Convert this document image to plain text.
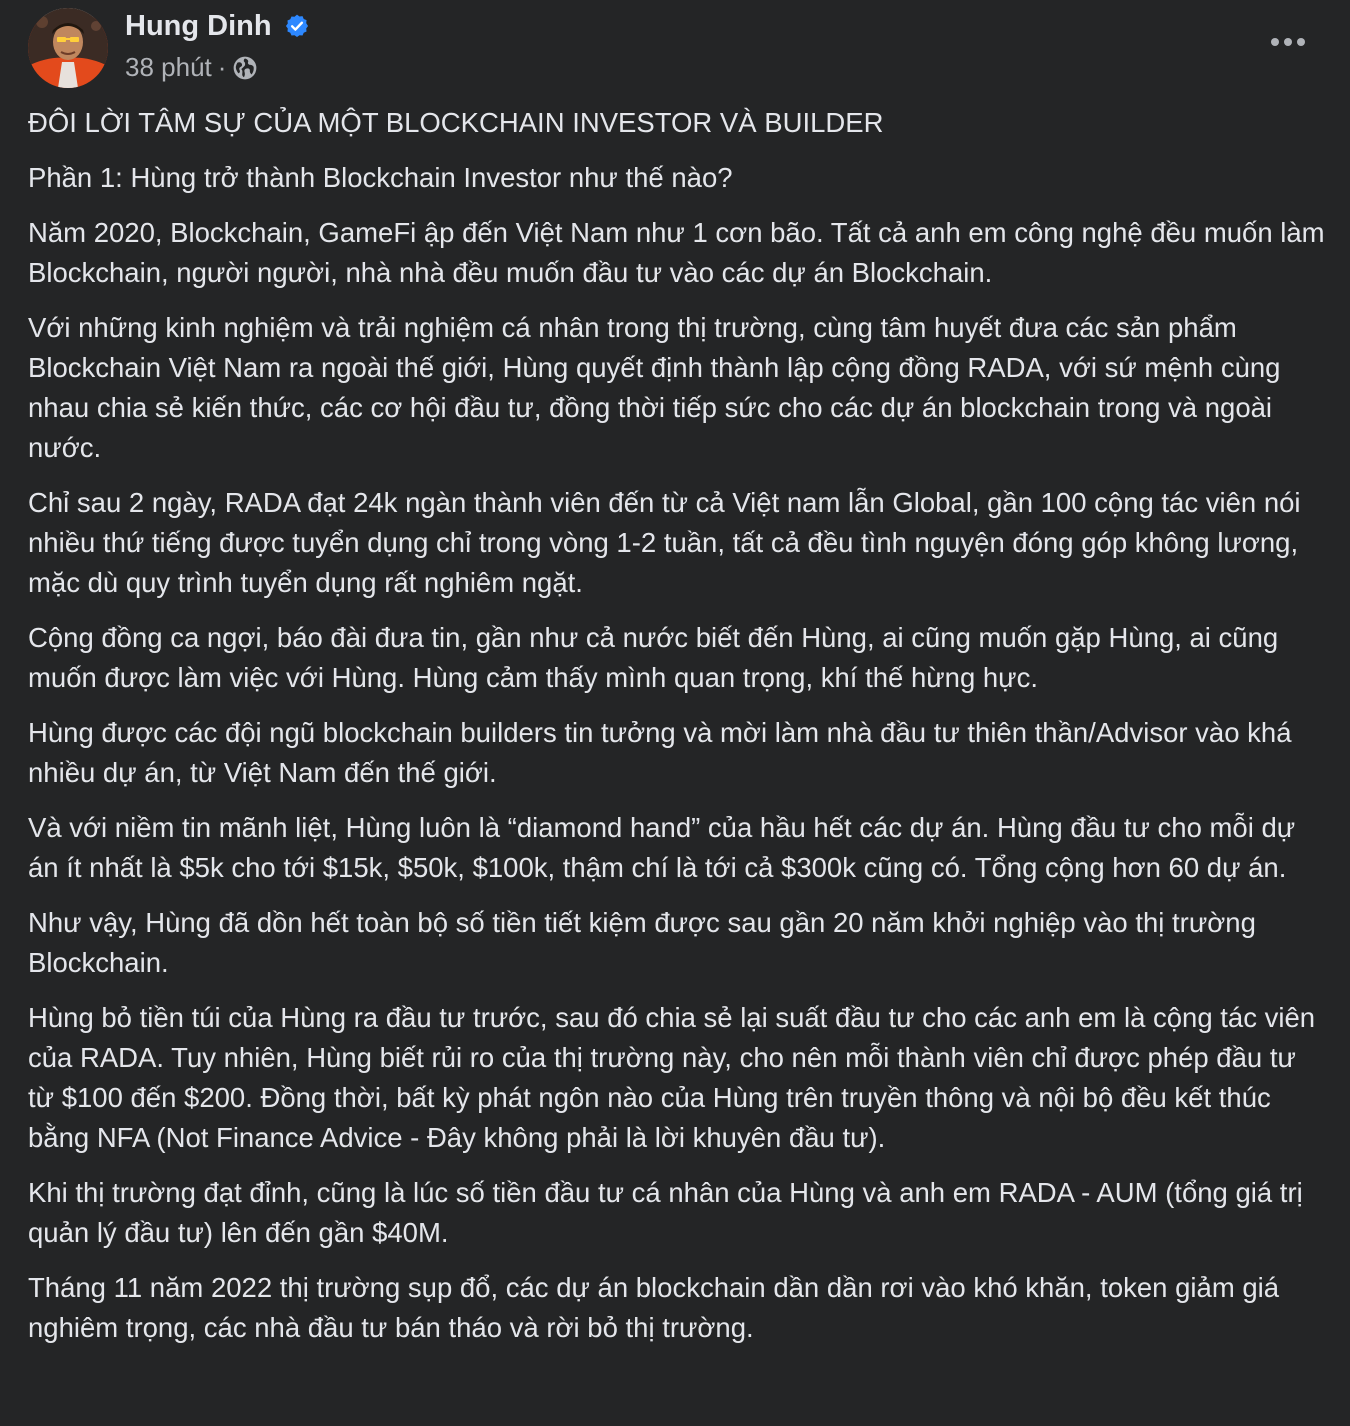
Hung Dinh
38 phút ·

ĐÔI LỜI TÂM SỰ CỦA MỘT BLOCKCHAIN INVESTOR VÀ BUILDER

Phần 1: Hùng trở thành Blockchain Investor như thế nào?

Năm 2020, Blockchain, GameFi ập đến Việt Nam như 1 cơn bão. Tất cả anh em công nghệ đều muốn làm Blockchain, người người, nhà nhà đều muốn đầu tư vào các dự án Blockchain.

Với những kinh nghiệm và trải nghiệm cá nhân trong thị trường, cùng tâm huyết đưa các sản phẩm Blockchain Việt Nam ra ngoài thế giới, Hùng quyết định thành lập cộng đồng RADA, với sứ mệnh cùng nhau chia sẻ kiến thức, các cơ hội đầu tư, đồng thời tiếp sức cho các dự án blockchain trong và ngoài nước.

Chỉ sau 2 ngày, RADA đạt 24k ngàn thành viên đến từ cả Việt nam lẫn Global, gần 100 cộng tác viên nói nhiều thứ tiếng được tuyển dụng chỉ trong vòng 1-2 tuần, tất cả đều tình nguyện đóng góp không lương, mặc dù quy trình tuyển dụng rất nghiêm ngặt.

Cộng đồng ca ngợi, báo đài đưa tin, gần như cả nước biết đến Hùng, ai cũng muốn gặp Hùng, ai cũng muốn được làm việc với Hùng. Hùng cảm thấy mình quan trọng, khí thế hừng hực.

Hùng được các đội ngũ blockchain builders tin tưởng và mời làm nhà đầu tư thiên thần/Advisor vào khá nhiều dự án, từ Việt Nam đến thế giới.

Và với niềm tin mãnh liệt, Hùng luôn là “diamond hand” của hầu hết các dự án. Hùng đầu tư cho mỗi dự án ít nhất là $5k cho tới $15k, $50k, $100k, thậm chí là tới cả $300k cũng có. Tổng cộng hơn 60 dự án.

Như vậy, Hùng đã dồn hết toàn bộ số tiền tiết kiệm được sau gần 20 năm khởi nghiệp vào thị trường Blockchain.

Hùng bỏ tiền túi của Hùng ra đầu tư trước, sau đó chia sẻ lại suất đầu tư cho các anh em là cộng tác viên của RADA. Tuy nhiên, Hùng biết rủi ro của thị trường này, cho nên mỗi thành viên chỉ được phép đầu tư từ $100 đến $200. Đồng thời, bất kỳ phát ngôn nào của Hùng trên truyền thông và nội bộ đều kết thúc bằng NFA (Not Finance Advice - Đây không phải là lời khuyên đầu tư).

Khi thị trường đạt đỉnh, cũng là lúc số tiền đầu tư cá nhân của Hùng và anh em RADA - AUM (tổng giá trị quản lý đầu tư) lên đến gần $40M.

Tháng 11 năm 2022 thị trường sụp đổ, các dự án blockchain dần dần rơi vào khó khăn, token giảm giá nghiêm trọng, các nhà đầu tư bán tháo và rời bỏ thị trường.
